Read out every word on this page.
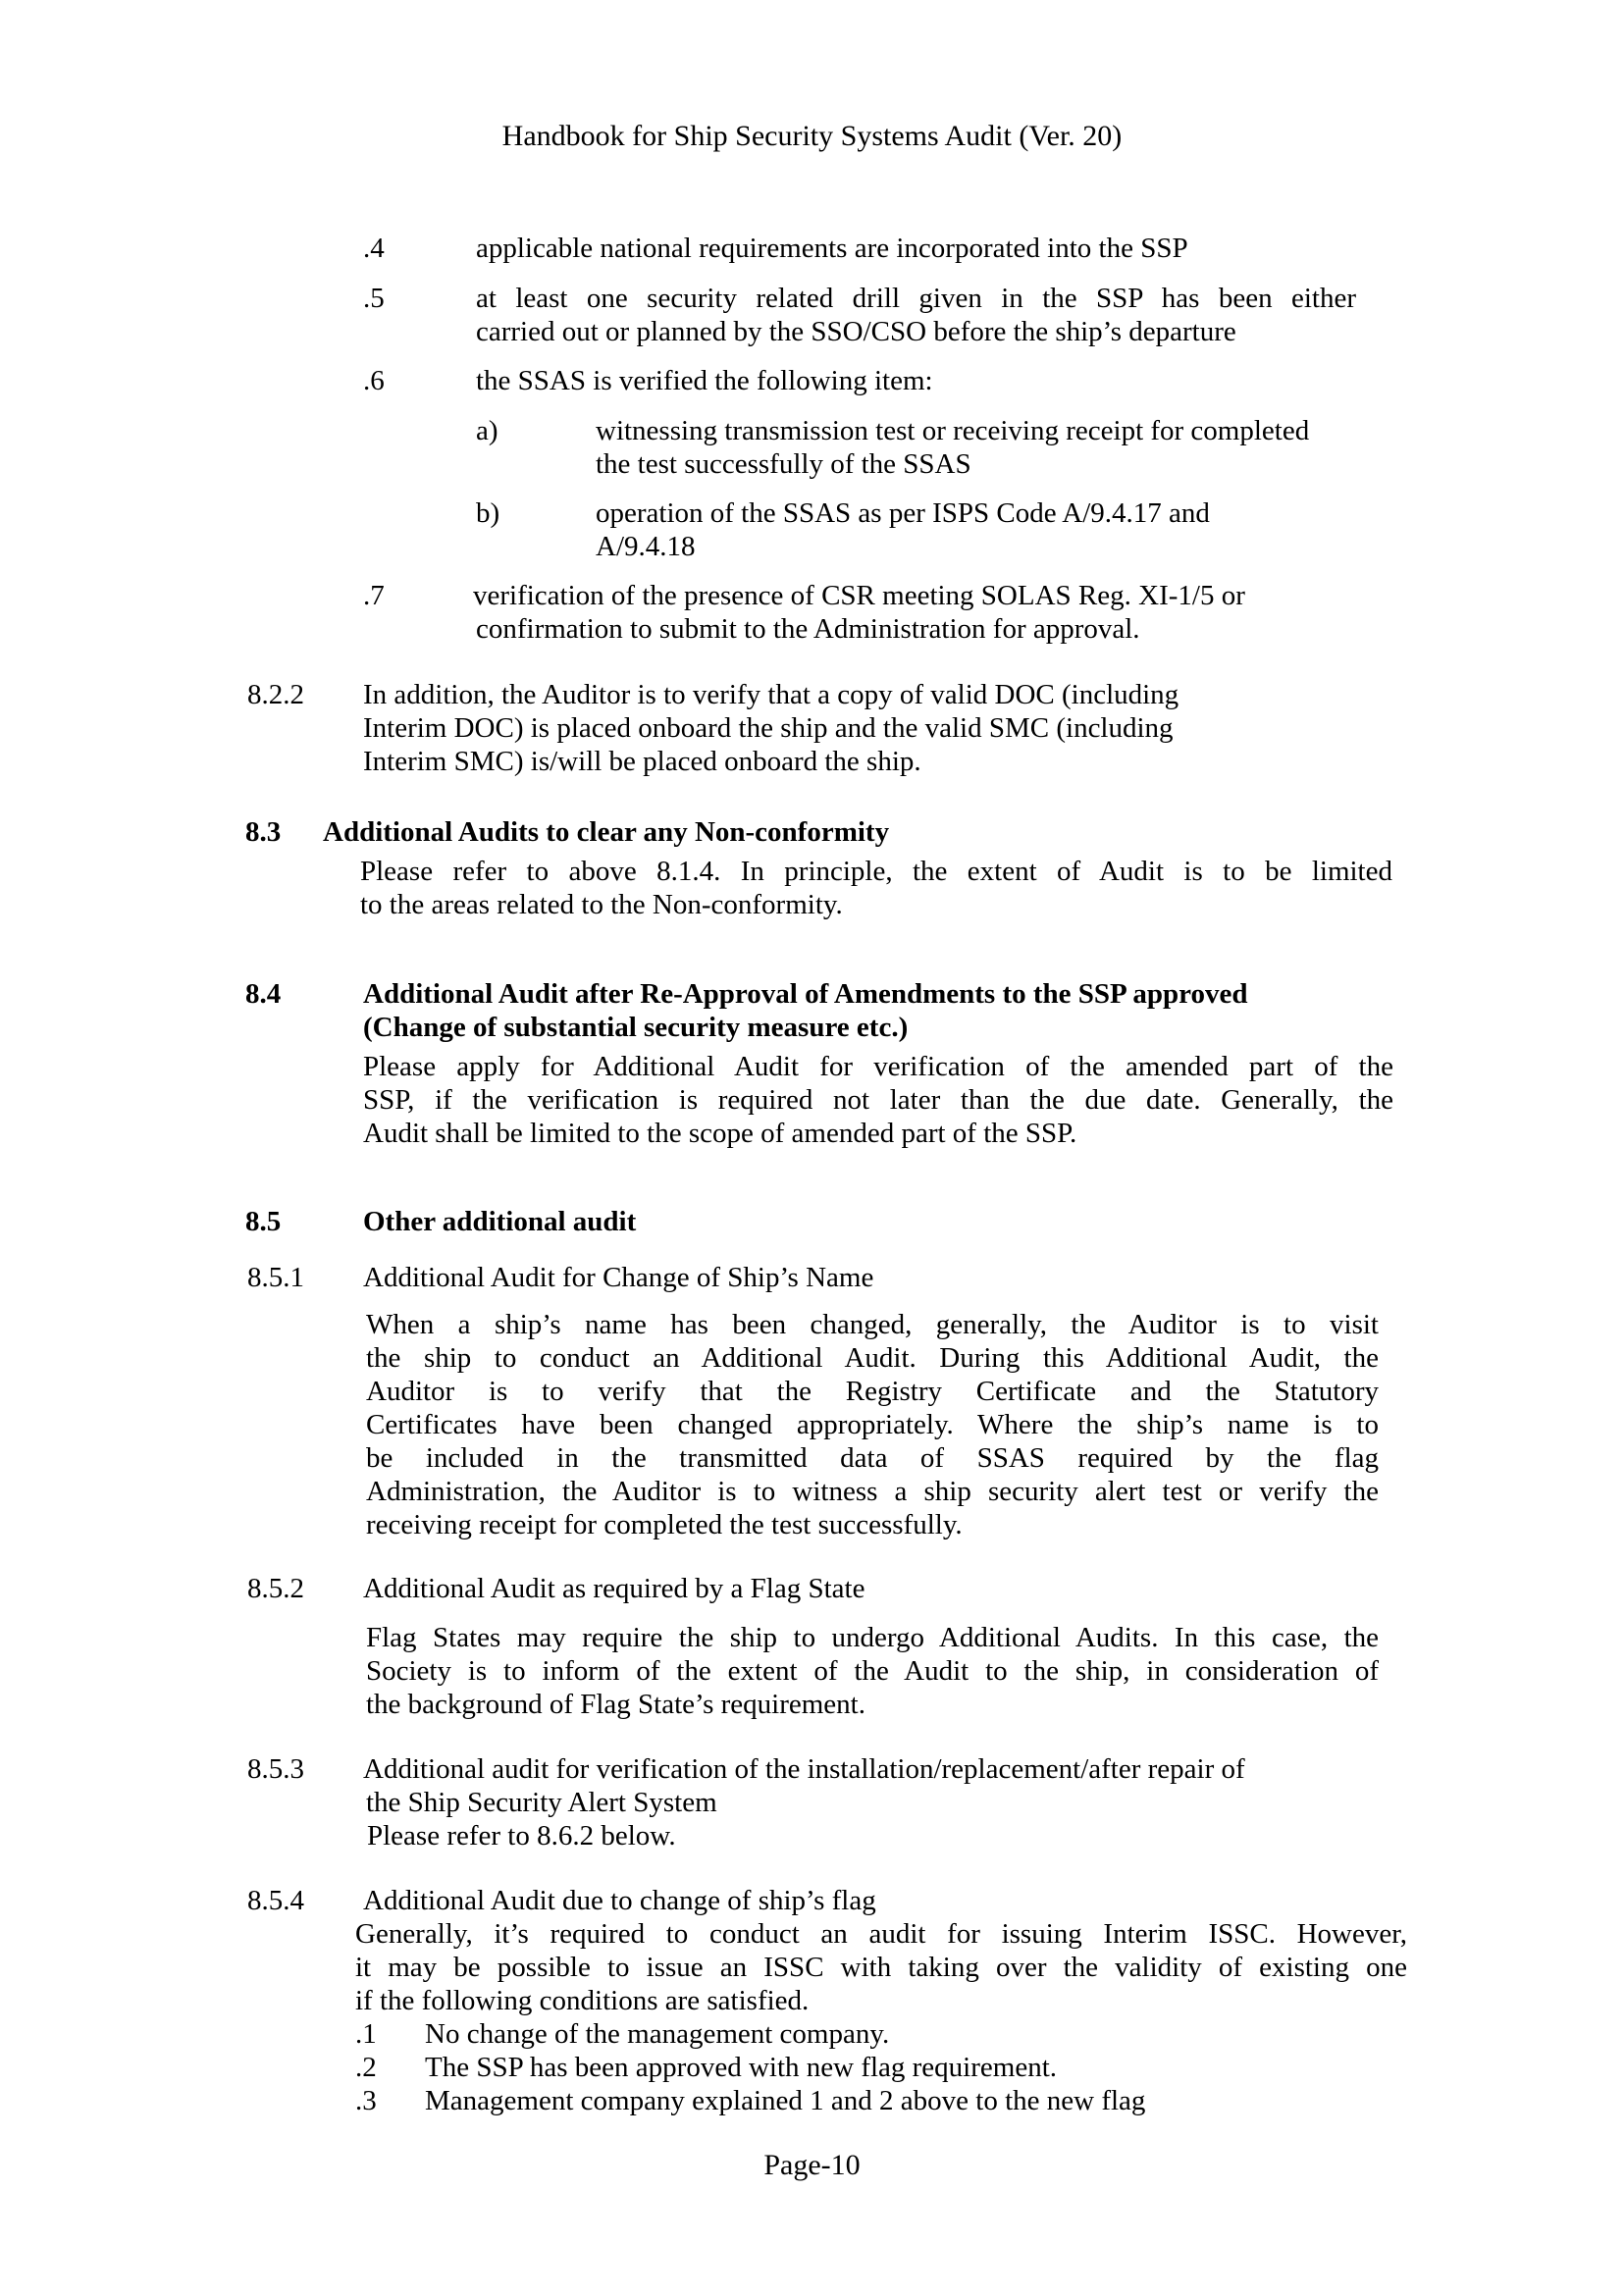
Handbook for Ship Security Systems Audit (Ver. 20)
.4	applicable national requirements are incorporated into the SSP
.5	at least one security related drill given in the SSP has been either
carried out or planned by the SSO/CSO before the ship’s departure
.6	the SSAS is verified the following item:
a)	witnessing transmission test or receiving receipt for completed
the test successfully of the SSAS
b)	operation of the SSAS as per ISPS Code A/9.4.17 and
A/9.4.18
.7	verification of the presence of CSR meeting SOLAS Reg. XI-1/5 or
confirmation to submit to the Administration for approval.
8.2.2 In addition, the Auditor is to verify that a copy of valid DOC (including
Interim DOC) is placed onboard the ship and the valid SMC (including
Interim SMC) is/will be placed onboard the ship.
8.3 Additional Audits to clear any Non-conformity
Please refer to above 8.1.4. In principle, the extent of Audit is to be limited
to the areas related to the Non-conformity.
8.4	Additional Audit after Re-Approval of Amendments to the SSP approved
(Change of substantial security measure etc.)
Please apply for Additional Audit for verification of the amended part of the
SSP, if the verification is required not later than the due date. Generally, the
Audit shall be limited to the scope of amended part of the SSP.
8.5	Other additional audit
8.5.1 Additional Audit for Change of Ship’s Name
When a ship’s name has been changed, generally, the Auditor is to visit
the ship to conduct an Additional Audit. During this Additional Audit, the
Auditor is to verify that the Registry Certificate and the Statutory
Certificates have been changed appropriately. Where the ship’s name is to
be included in the transmitted data of SSAS required by the flag
Administration, the Auditor is to witness a ship security alert test or verify the
receiving receipt for completed the test successfully.
8.5.2 Additional Audit as required by a Flag State
Flag States may require the ship to undergo Additional Audits. In this case, the
Society is to inform of the extent of the Audit to the ship, in consideration of
the background of Flag State’s requirement.
8.5.3 Additional audit for verification of the installation/replacement/after repair of
the Ship Security Alert System
Please refer to 8.6.2 below.
8.5.4 Additional Audit due to change of ship’s flag
Generally, it’s required to conduct an audit for issuing Interim ISSC. However,
it may be possible to issue an ISSC with taking over the validity of existing one
if the following conditions are satisfied.
.1 No change of the management company.
.2 The SSP has been approved with new flag requirement.
.3 Management company explained 1 and 2 above to the new flag
Page-10
